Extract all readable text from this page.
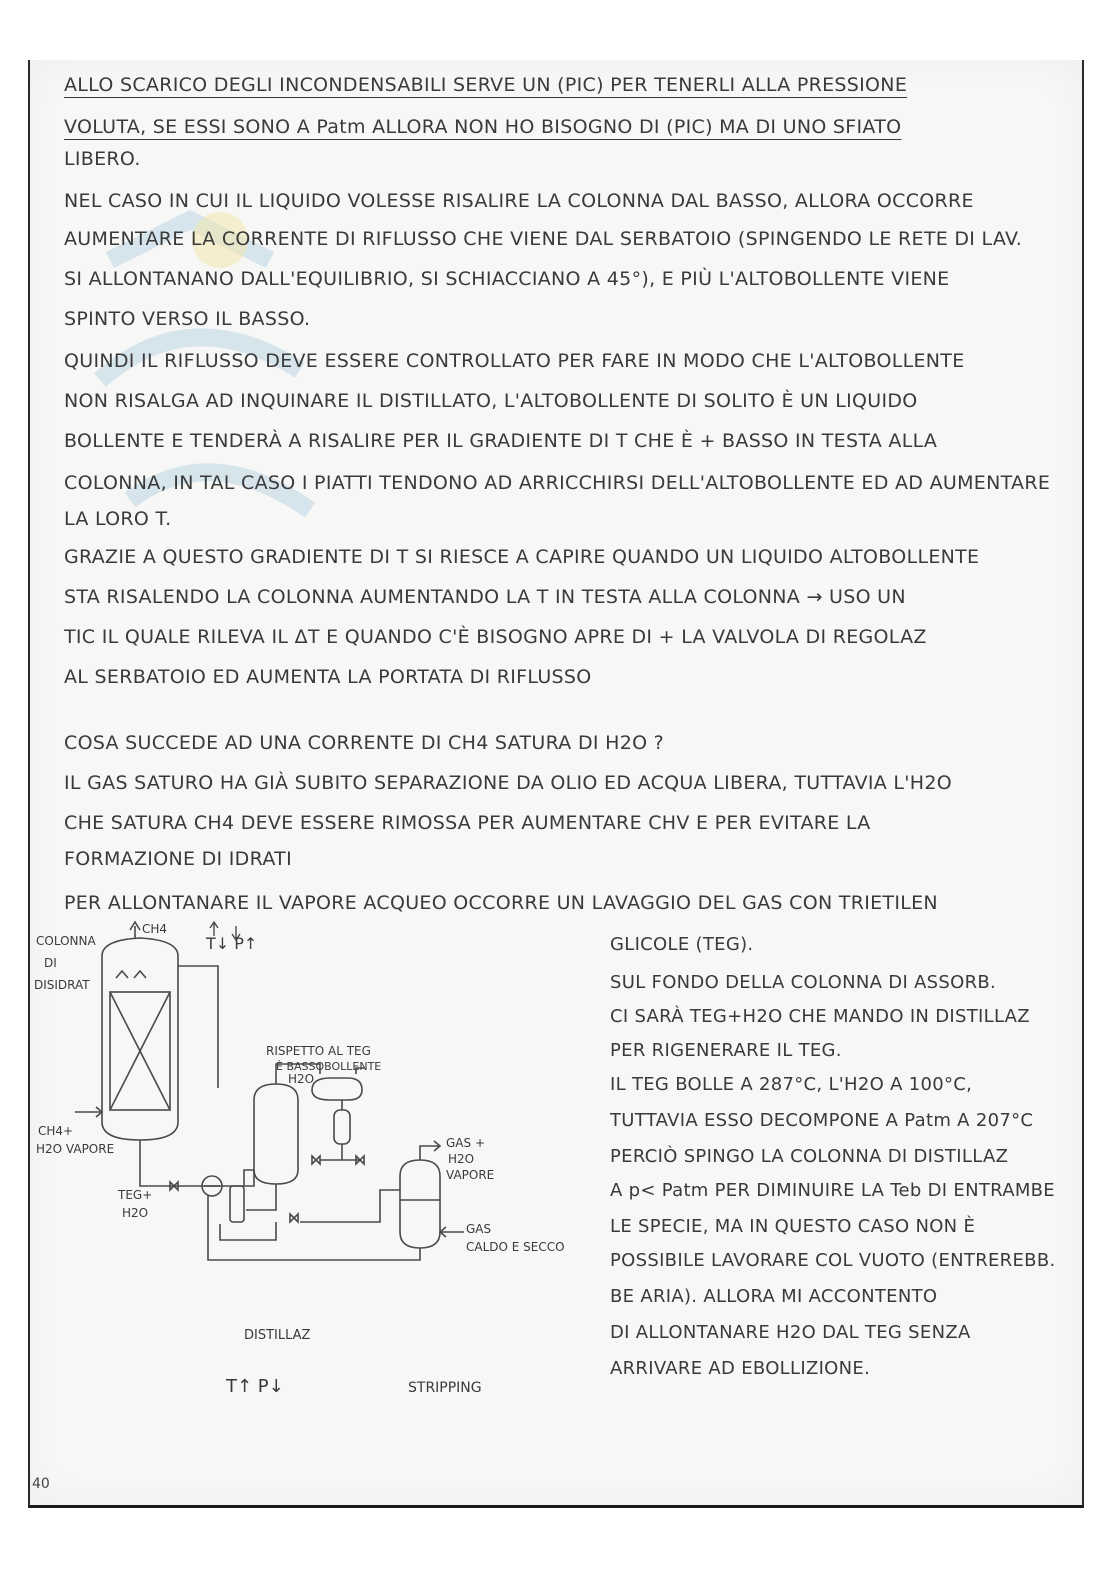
ALLO SCARICO DEGLI INCONDENSABILI SERVE UN (PIC) PER TENERLI ALLA PRESSIONE
VOLUTA, SE ESSI SONO A Patm ALLORA NON HO BISOGNO DI (PIC) MA DI UNO SFIATO
LIBERO.
NEL CASO IN CUI IL LIQUIDO VOLESSE RISALIRE LA COLONNA DAL BASSO, ALLORA OCCORRE
AUMENTARE LA CORRENTE DI RIFLUSSO CHE VIENE DAL SERBATOIO (SPINGENDO LE RETE DI LAV.
SI ALLONTANANO DALL'EQUILIBRIO, SI SCHIACCIANO A 45°), E PIÙ L'ALTOBOLLENTE VIENE
SPINTO VERSO IL BASSO.
QUINDI IL RIFLUSSO DEVE ESSERE CONTROLLATO PER FARE IN MODO CHE L'ALTOBOLLENTE
NON RISALGA AD INQUINARE IL DISTILLATO, L'ALTOBOLLENTE DI SOLITO È UN LIQUIDO
BOLLENTE E TENDERÀ A RISALIRE PER IL GRADIENTE DI T CHE È + BASSO IN TESTA ALLA
COLONNA, IN TAL CASO I PIATTI TENDONO AD ARRICCHIRSI DELL'ALTOBOLLENTE ED AD AUMENTARE
LA LORO T.
GRAZIE A QUESTO GRADIENTE DI T SI RIESCE A CAPIRE QUANDO UN LIQUIDO ALTOBOLLENTE
STA RISALENDO LA COLONNA AUMENTANDO LA T IN TESTA ALLA COLONNA → USO UN
TIC IL QUALE RILEVA IL ΔT E QUANDO C'È BISOGNO APRE DI + LA VALVOLA DI REGOLAZ
AL SERBATOIO ED AUMENTA LA PORTATA DI RIFLUSSO
COSA SUCCEDE AD UNA CORRENTE DI CH4 SATURA DI H2O ?
IL GAS SATURO HA GIÀ SUBITO SEPARAZIONE DA OLIO ED ACQUA LIBERA, TUTTAVIA L'H2O
CHE SATURA CH4 DEVE ESSERE RIMOSSA PER AUMENTARE CHV E PER EVITARE LA
FORMAZIONE DI IDRATI
PER ALLONTANARE IL VAPORE ACQUEO OCCORRE UN LAVAGGIO DEL GAS CON TRIETILEN
GLICOLE (TEG).
SUL FONDO DELLA COLONNA DI ASSORB.
CI SARÀ TEG+H2O CHE MANDO IN DISTILLAZ
PER RIGENERARE IL TEG.
IL TEG BOLLE A 287°C, L'H2O A 100°C,
TUTTAVIA ESSO DECOMPONE A Patm A 207°C
PERCIÒ SPINGO LA COLONNA DI DISTILLAZ
A p< Patm PER DIMINUIRE LA Teb DI ENTRAMBE
LE SPECIE, MA IN QUESTO CASO NON È
POSSIBILE LAVORARE COL VUOTO (ENTREREBB.
BE ARIA). ALLORA MI ACCONTENTO
DI ALLONTANARE H2O DAL TEG SENZA
ARRIVARE AD EBOLLIZIONE.
COLONNA
DI
DISIDRAT
CH4
T↓ P↑
CH4+
H2O VAPORE
TEG+
H2O
RISPETTO AL TEG
È BASSOBOLLENTE
H2O
DISTILLAZ
GAS +
H2O
VAPORE
GAS
CALDO E SECCO
T↑ P↓	STRIPPING
40
